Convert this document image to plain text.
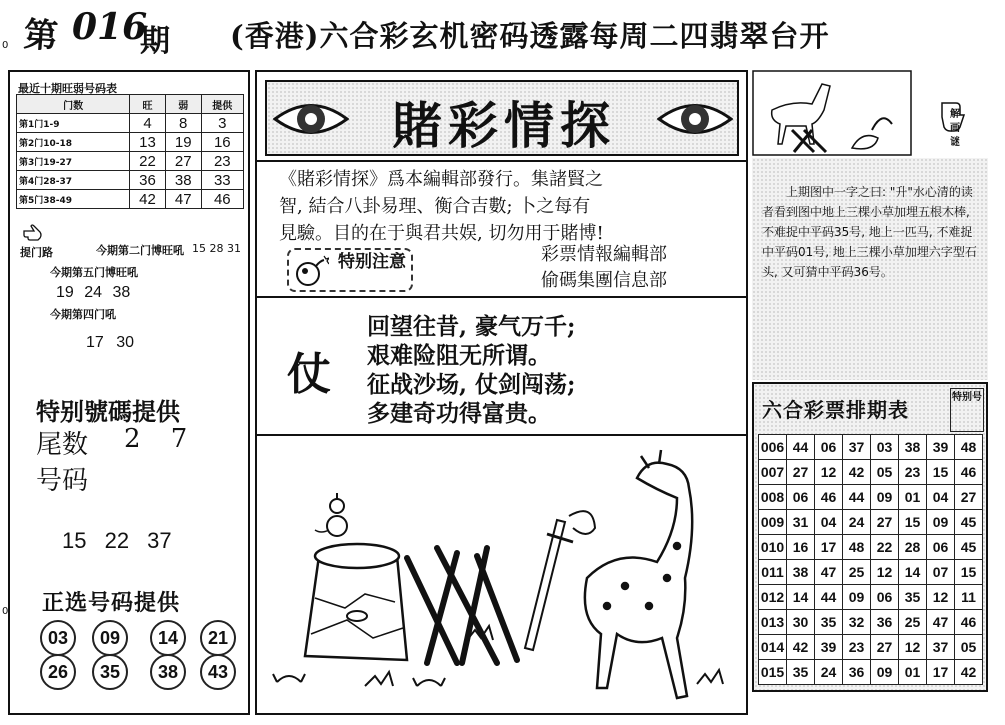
0 第 016
期 (香港)六合彩玄机密码透露每周二四翡翠台开
最近十期旺弱号码表
门数	旺	弱	提供
第1门1-9	4	8	3
第2门10-18	13	19	16
第3门19-27	22	27	23
第4门28-37	36	38	33
第5门38-49	42	47	46
提门路	今期第二门博旺吼 15 28 31
今期第五门博旺吼
19 24 38
今期第四门吼
17 30
特别號碼提供
尾数 2 7
号码
15 22 37
正选号码提供
03	09	14	21
26	35	38	43
0
賭彩情探
《賭彩情探》爲本編輯部發行。集諸賢之
智, 結合八卦易理、衡合吉數; 卜之每有
見驗。目的在于與君共娱, 切勿用于賭博!
特别注意	彩票情報編輯部
偷碼集團信息部
仗
回望往昔, 豪气万千;
艰难险阻无所谓。
征战沙场, 仗剑闯荡;
多建奇功得富贵。
解画谜
上期图中一字之曰: "升"水心清的读者看到图中地上三棵小草加埋五根木棒, 不难捉中平码35号, 地上一匹马, 不难捉中平码01号, 地上三棵小草加埋六字型石头, 又可猜中平码36号。
六合彩票排期表
特别号
006	44	06	37	03	38	39	48
007	27	12	42	05	23	15	46
008	06	46	44	09	01	04	27
009	31	04	24	27	15	09	45
010	16	17	48	22	28	06	45
011	38	47	25	12	14	07	15
012	14	44	09	06	35	12	11
013	30	35	32	36	25	47	46
014	42	39	23	27	12	37	05
015	35	24	36	09	01	17	42
